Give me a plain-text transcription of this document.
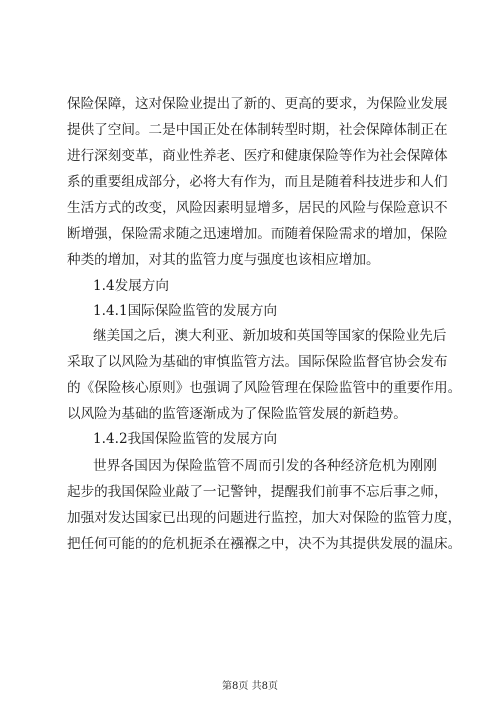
保险保障，这对保险业提出了新的、更高的要求，为保险业发展
提供了空间。二是中国正处在体制转型时期，社会保障体制正在
进行深刻变革，商业性养老、医疗和健康保险等作为社会保障体
系的重要组成部分，必将大有作为，而且是随着科技进步和人们
生活方式的改变，风险因素明显增多，居民的风险与保险意识不
断增强，保险需求随之迅速增加。而随着保险需求的增加，保险
种类的增加，对其的监管力度与强度也该相应增加。
1.4发展方向
1.4.1国际保险监管的发展方向
继美国之后，澳大利亚、新加坡和英国等国家的保险业先后
采取了以风险为基础的审慎监管方法。国际保险监督官协会发布
的《保险核心原则》也强调了风险管理在保险监管中的重要作用。
以风险为基础的监管逐渐成为了保险监管发展的新趋势。
1.4.2我国保险监管的发展方向
世界各国因为保险监管不周而引发的各种经济危机为刚刚
起步的我国保险业敲了一记警钟，提醒我们前事不忘后事之师，
加强对发达国家已出现的问题进行监控，加大对保险的监管力度，
把任何可能的的危机扼杀在襁褓之中，决不为其提供发展的温床。
第8页 共8页
